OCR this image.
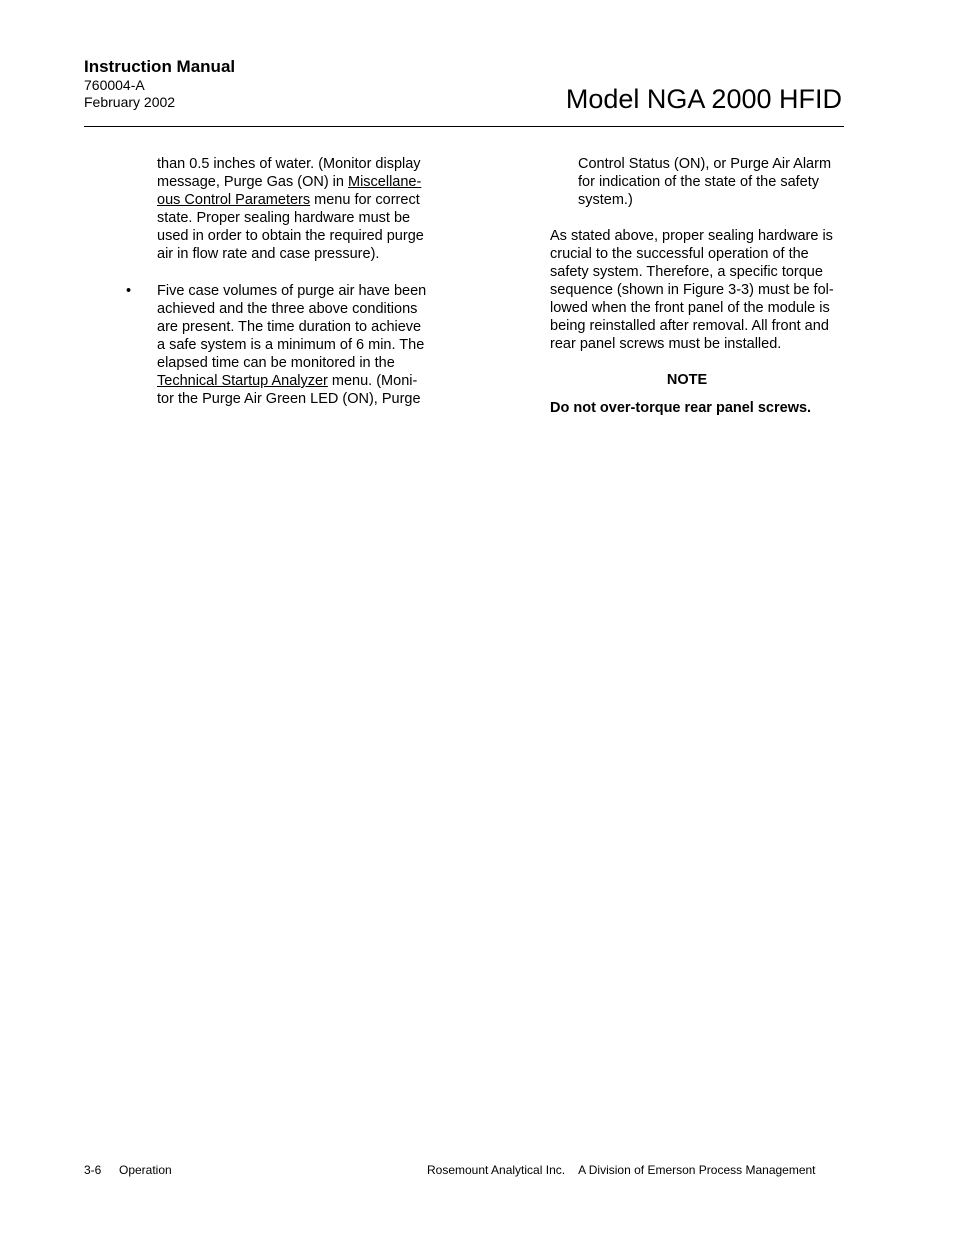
Instruction Manual
760004-A
February 2002	Model NGA 2000 HFID
than 0.5 inches of water. (Monitor display
message, Purge Gas (ON) in Miscellane-
ous Control Parameters menu for correct
state. Proper sealing hardware must be
used in order to obtain the required purge
air in flow rate and case pressure).
•	Five case volumes of purge air have been
achieved and the three above conditions
are present. The time duration to achieve
a safe system is a minimum of 6 min. The
elapsed time can be monitored in the
Technical Startup Analyzer menu. (Moni-
tor the Purge Air Green LED (ON), Purge
Control Status (ON), or Purge Air Alarm
for indication of the state of the safety
system.)
As stated above, proper sealing hardware is
crucial to the successful operation of the
safety system. Therefore, a specific torque
sequence (shown in Figure 3-3) must be fol-
lowed when the front panel of the module is
being reinstalled after removal. All front and
rear panel screws must be installed.
NOTE
Do not over-torque rear panel screws.
3-6 Operation	Rosemount Analytical Inc. A Division of Emerson Process Management
